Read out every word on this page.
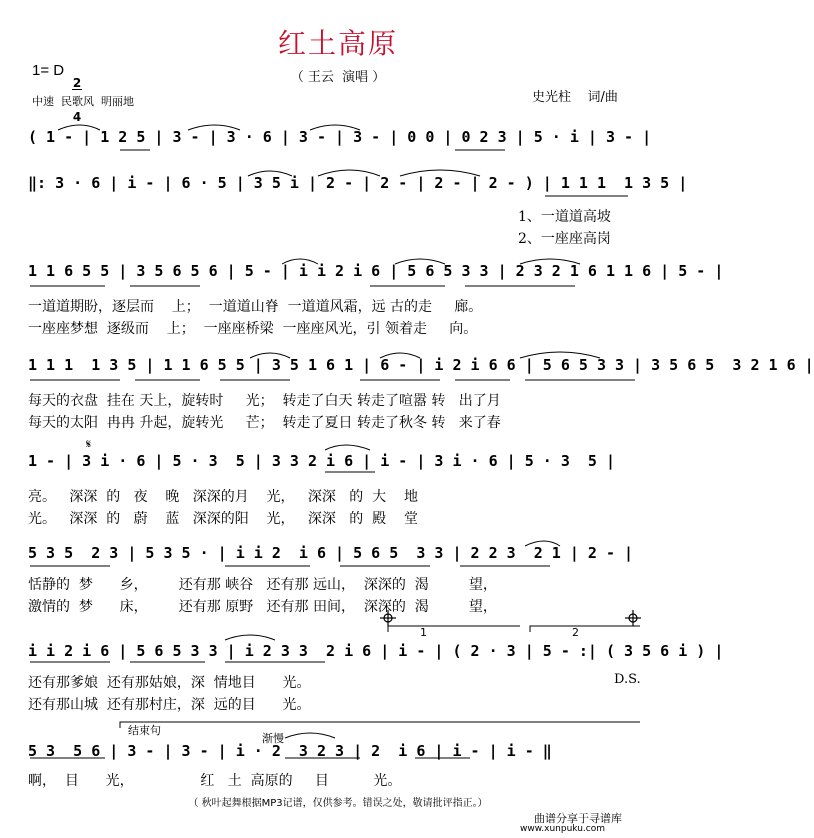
𝄋
红土高原
（ 王云  演唱 ）
1= D

2

4

中速  民歌风  明丽地	史光柱    词/曲
( 1 - | 1 2 5 | 3 - | 3 · 6 | 3 - | 3 - | 0 0 | 0 2 3 | 5 · i | 3 - |
‖: 3 · 6 | i - | 6 · 5 | 3 5 i | 2 - | 2 - | 2 - | 2 - ) | 1 1 1  1 3 5 |
1、一道道高坡
2、一座座高岗
1 1 6 5 5 | 3 5 6 5 6 | 5 - | i i 2 i 6 | 5 6 5 3 3 | 2 3 2 1 6 1 1 6 | 5 - |
一道道期盼，逐层而    上；  一道道山脊  一道道风霜，远 古的走     廊。
一座座梦想  逐级而    上；  一座座桥梁  一座座风光，引 领着走     向。
1 1 1  1 3 5 | 1 1 6 5 5 | 3 5 1 6 1 | 6 - | i 2 i 6 6 | 5 6 5 3 3 | 3 5 6 5  3 2 1 6 |
每天的衣盘  挂在 天上，旋转时     光；  转走了白天 转走了喧嚣 转   出了月
每天的太阳  冉冉 升起，旋转光     芒；  转走了夏日 转走了秋冬 转   来了春
1 - | 3 i · 6 | 5 · 3  5 | 3 3 2 i 6 | i - | 3 i · 6 | 5 · 3  5 |
亮。   深深  的   夜    晚   深深的月    光，   深深   的  大    地
光。   深深  的   蔚    蓝   深深的阳    光，   深深   的  殿    堂
5 3 5  2 3 | 5 3 5 · | i i 2  i 6 | 5 6 5  3 3 | 2 2 3  2 1 | 2 - |
恬静的  梦      乡，       还有那 峡谷   还有那 远山，  深深的  渴         望，
激情的  梦      床，       还有那 原野   还有那 田间，  深深的  渴         望，
1	2
i i 2 i 6 | 5 6 5 3 3 | i 2 3 3  2 i 6 | i - | ( 2 · 3 | 5 - :| ( 3 5 6 i ) |
还有那爹娘  还有那姑娘，深  情地目      光。
还有那山城  还有那村庄，深  远的目      光。
D.S.
结束句
渐慢
5 3  5 6 | 3 - | 3 - | i · 2  3 2 3 | 2  i 6 | i - | i - ‖
啊，  目      光，               红   土  高原的     目          光。
（ 秋叶起舞根据MP3记谱，仅供参考。错误之处，敬请批评指正。）
曲谱分享于寻谱库
www.xunpuku.com
